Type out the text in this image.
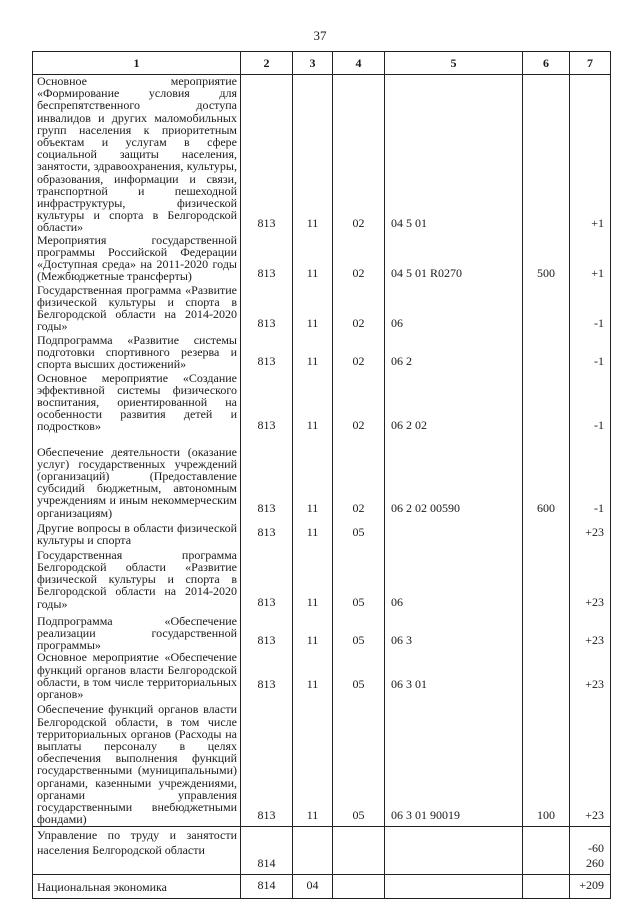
37
1	2	3	4	5	6	7
Основное мероприятие «Формирование условия для беспрепятственного доступа инвалидов и других маломобильных групп населения к приоритетным объектам и услугам в сфере социальной защиты населения, занятости, здравоохранения, культуры, образования, информации и связи, транспортной и пешеходной инфраструктуры, физической культуры и спорта в Белгородской области»	813	11	02	04 5 01		+1
Мероприятия государственной программы Российской Федерации «Доступная среда» на 2011-2020 годы (Межбюджетные трансферты)	813	11	02	04 5 01 R0270	500	+1
Государственная программа «Развитие физической культуры и спорта в Белгородской области на 2014-2020 годы»	813	11	02	06		-1
Подпрограмма «Развитие системы подготовки спортивного резерва и спорта высших достижений»	813	11	02	06 2		-1
Основное мероприятие «Создание эффективной системы физического воспитания, ориентированной на особенности развития детей и подростков»	813	11	02	06 2 02		-1
Обеспечение деятельности (оказание услуг) государственных учреждений (организаций) (Предоставление субсидий бюджетным, автономным учреждениям и иным некоммерческим организациям)	813	11	02	06 2 02 00590	600	-1
Другие вопросы в области физической культуры и спорта	813	11	05			+23
Государственная программа Белгородской области «Развитие физической культуры и спорта в Белгородской области на 2014-2020 годы»	813	11	05	06		+23
Подпрограмма «Обеспечение реализации государственной программы»	813	11	05	06 3		+23
Основное мероприятие «Обеспечение функций органов власти Белгородской области, в том числе территориальных органов»	813	11	05	06 3 01		+23
Обеспечение функций органов власти Белгородской области, в том числе территориальных органов (Расходы на выплаты персоналу в целях обеспечения выполнения функций государственными (муниципальными) органами, казенными учреждениями, органами управления государственными внебюджетными фондами)	813	11	05	06 3 01 90019	100	+23
Управление по труду и занятости населения Белгородской области	814					-60 260
Национальная экономика	814	04				+209
